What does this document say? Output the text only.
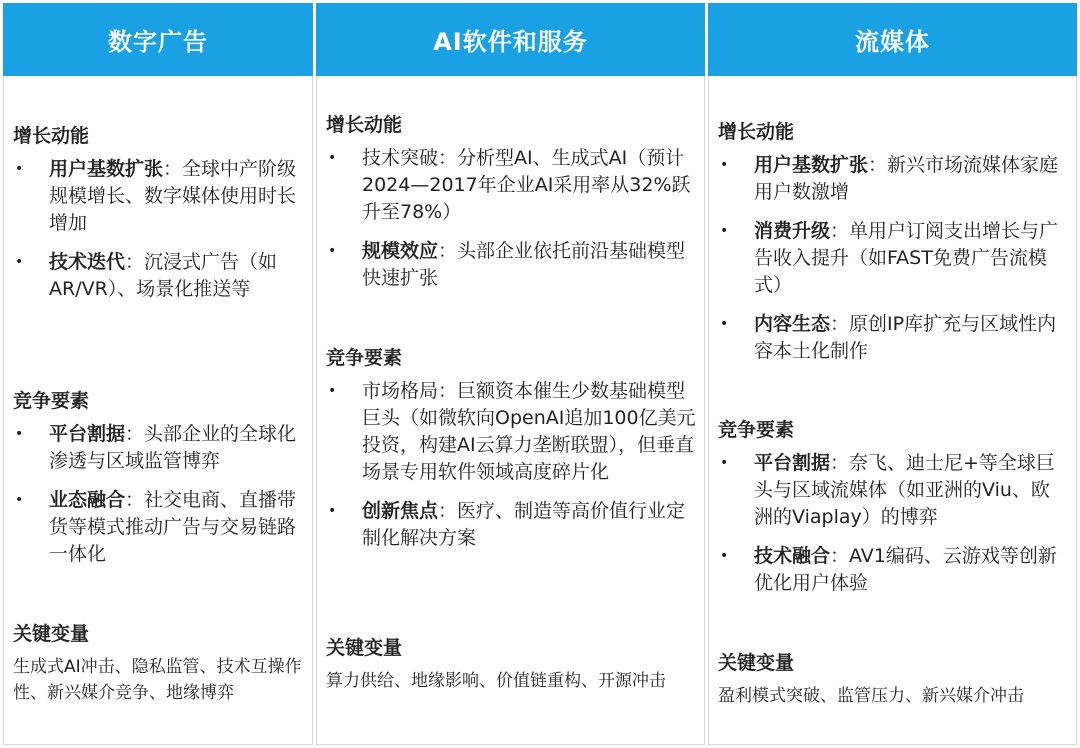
数字广告
增长动能
• 用户基数扩张：全球中产阶级规模增长、数字媒体使用时长增加
• 技术迭代：沉浸式广告（如AR/VR）、场景化推送等
竞争要素
• 平台割据：头部企业的全球化渗透与区域监管博弈
• 业态融合：社交电商、直播带货等模式推动广告与交易链路一体化
关键变量

生成式AI冲击、隐私监管、技术互操作性、新兴媒介竞争、地缘博弈

AI软件和服务
增长动能
• 技术突破：分析型AI、生成式AI（预计2024—2017年企业AI采用率从32%跃升至78%）
• 规模效应：头部企业依托前沿基础模型快速扩张
竞争要素
• 市场格局：巨额资本催生少数基础模型巨头（如微软向OpenAI追加100亿美元投资，构建AI云算力垄断联盟），但垂直场景专用软件领域高度碎片化
• 创新焦点：医疗、制造等高价值行业定制化解决方案
关键变量

算力供给、地缘影响、价值链重构、开源冲击

流媒体
增长动能
• 用户基数扩张：新兴市场流媒体家庭用户数激增
• 消费升级：单用户订阅支出增长与广告收入提升（如FAST免费广告流模式）
• 内容生态：原创IP库扩充与区域性内容本土化制作
竞争要素
• 平台割据：奈飞、迪士尼+等全球巨头与区域流媒体（如亚洲的Viu、欧洲的Viaplay）的博弈
• 技术融合：AV1编码、云游戏等创新优化用户体验
关键变量

盈利模式突破、监管压力、新兴媒介冲击
